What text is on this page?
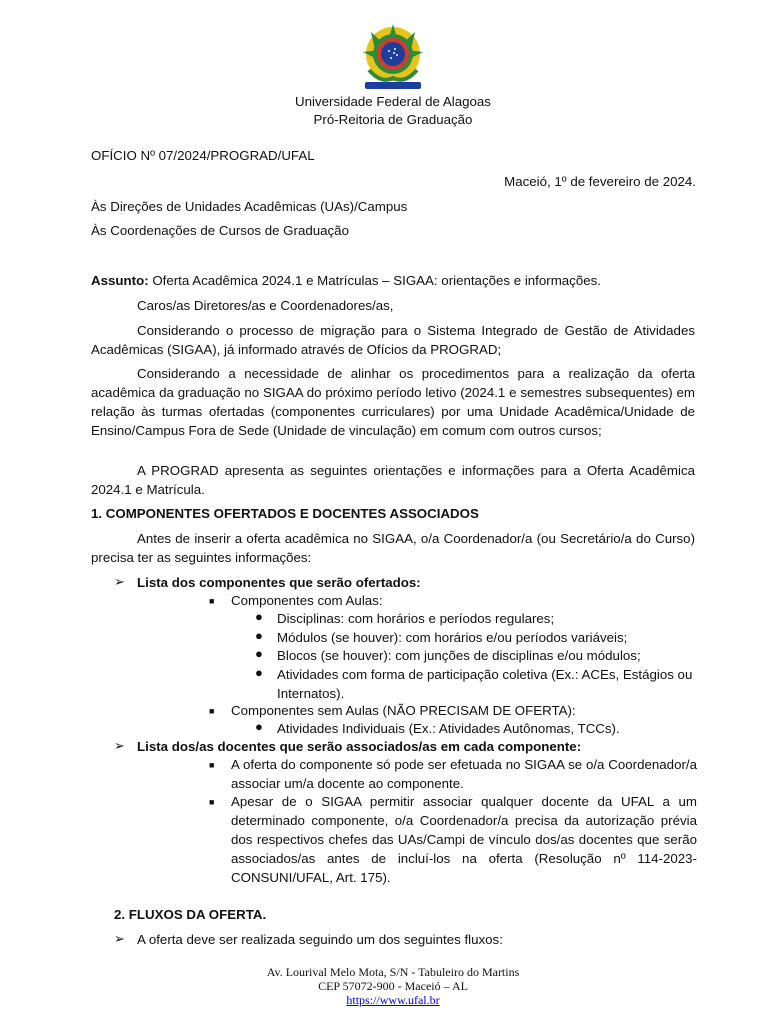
Universidade Federal de Alagoas
Pró-Reitoria de Graduação
OFÍCIO Nº 07/2024/PROGRAD/UFAL
Maceió, 1º de fevereiro de 2024.
Às Direções de Unidades Acadêmicas (UAs)/Campus
Às Coordenações de Cursos de Graduação
Assunto: Oferta Acadêmica 2024.1 e Matrículas – SIGAA: orientações e informações.
Caros/as Diretores/as e Coordenadores/as,
Considerando o processo de migração para o Sistema Integrado de Gestão de Atividades Acadêmicas (SIGAA), já informado através de Ofícios da PROGRAD;
Considerando a necessidade de alinhar os procedimentos para a realização da oferta acadêmica da graduação no SIGAA do próximo período letivo (2024.1 e semestres subsequentes) em relação às turmas ofertadas (componentes curriculares) por uma Unidade Acadêmica/Unidade de Ensino/Campus Fora de Sede (Unidade de vinculação) em comum com outros cursos;
A PROGRAD apresenta as seguintes orientações e informações para a Oferta Acadêmica 2024.1 e Matrícula.
1. COMPONENTES OFERTADOS E DOCENTES ASSOCIADOS
Antes de inserir a oferta acadêmica no SIGAA, o/a Coordenador/a (ou Secretário/a do Curso) precisa ter as seguintes informações:
➢ Lista dos componentes que serão ofertados:
■ Componentes com Aulas:
● Disciplinas: com horários e períodos regulares;
● Módulos (se houver): com horários e/ou períodos variáveis;
● Blocos (se houver): com junções de disciplinas e/ou módulos;
● Atividades com forma de participação coletiva (Ex.: ACEs, Estágios ou Internatos).
■ Componentes sem Aulas (NÃO PRECISAM DE OFERTA):
● Atividades Individuais (Ex.: Atividades Autônomas, TCCs).
➢ Lista dos/as docentes que serão associados/as em cada componente:
■ A oferta do componente só pode ser efetuada no SIGAA se o/a Coordenador/a associar um/a docente ao componente.
■ Apesar de o SIGAA permitir associar qualquer docente da UFAL a um determinado componente, o/a Coordenador/a precisa da autorização prévia dos respectivos chefes das UAs/Campi de vínculo dos/as docentes que serão associados/as antes de incluí-los na oferta (Resolução nº 114-2023-CONSUNI/UFAL, Art. 175).
2. FLUXOS DA OFERTA.
➢ A oferta deve ser realizada seguindo um dos seguintes fluxos:
Av. Lourival Melo Mota, S/N - Tabuleiro do Martins
CEP 57072-900 - Maceió – AL
https://www.ufal.br
